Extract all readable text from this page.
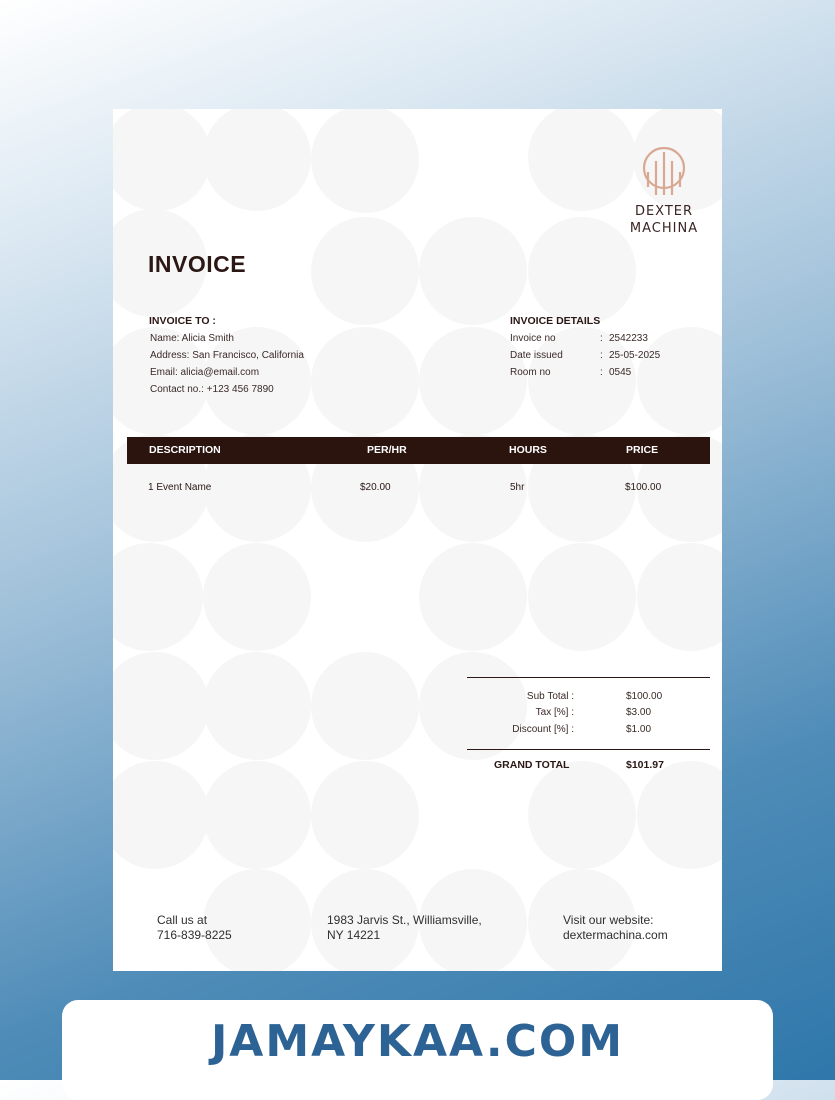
DEXTER
MACHINA
INVOICE
INVOICE TO :
Name: Alicia Smith
Address: San Francisco, California
Email: alicia@email.com
Contact no.: +123 456 7890
INVOICE DETAILS
Invoice no	: 2542233
Date issued	: 25-05-2025
Room no	: 0545
DESCRIPTION	PER/HR	HOURS	PRICE
1 Event Name	$20.00	5hr	$100.00
Sub Total :	$100.00
Tax [%] :	$3.00
Discount [%] :	$1.00
GRAND TOTAL	$101.97
Call us at
716-839-8225
1983 Jarvis St., Williamsville,
NY 14221
Visit our website:
dextermachina.com
JAMAYKAA.COM
